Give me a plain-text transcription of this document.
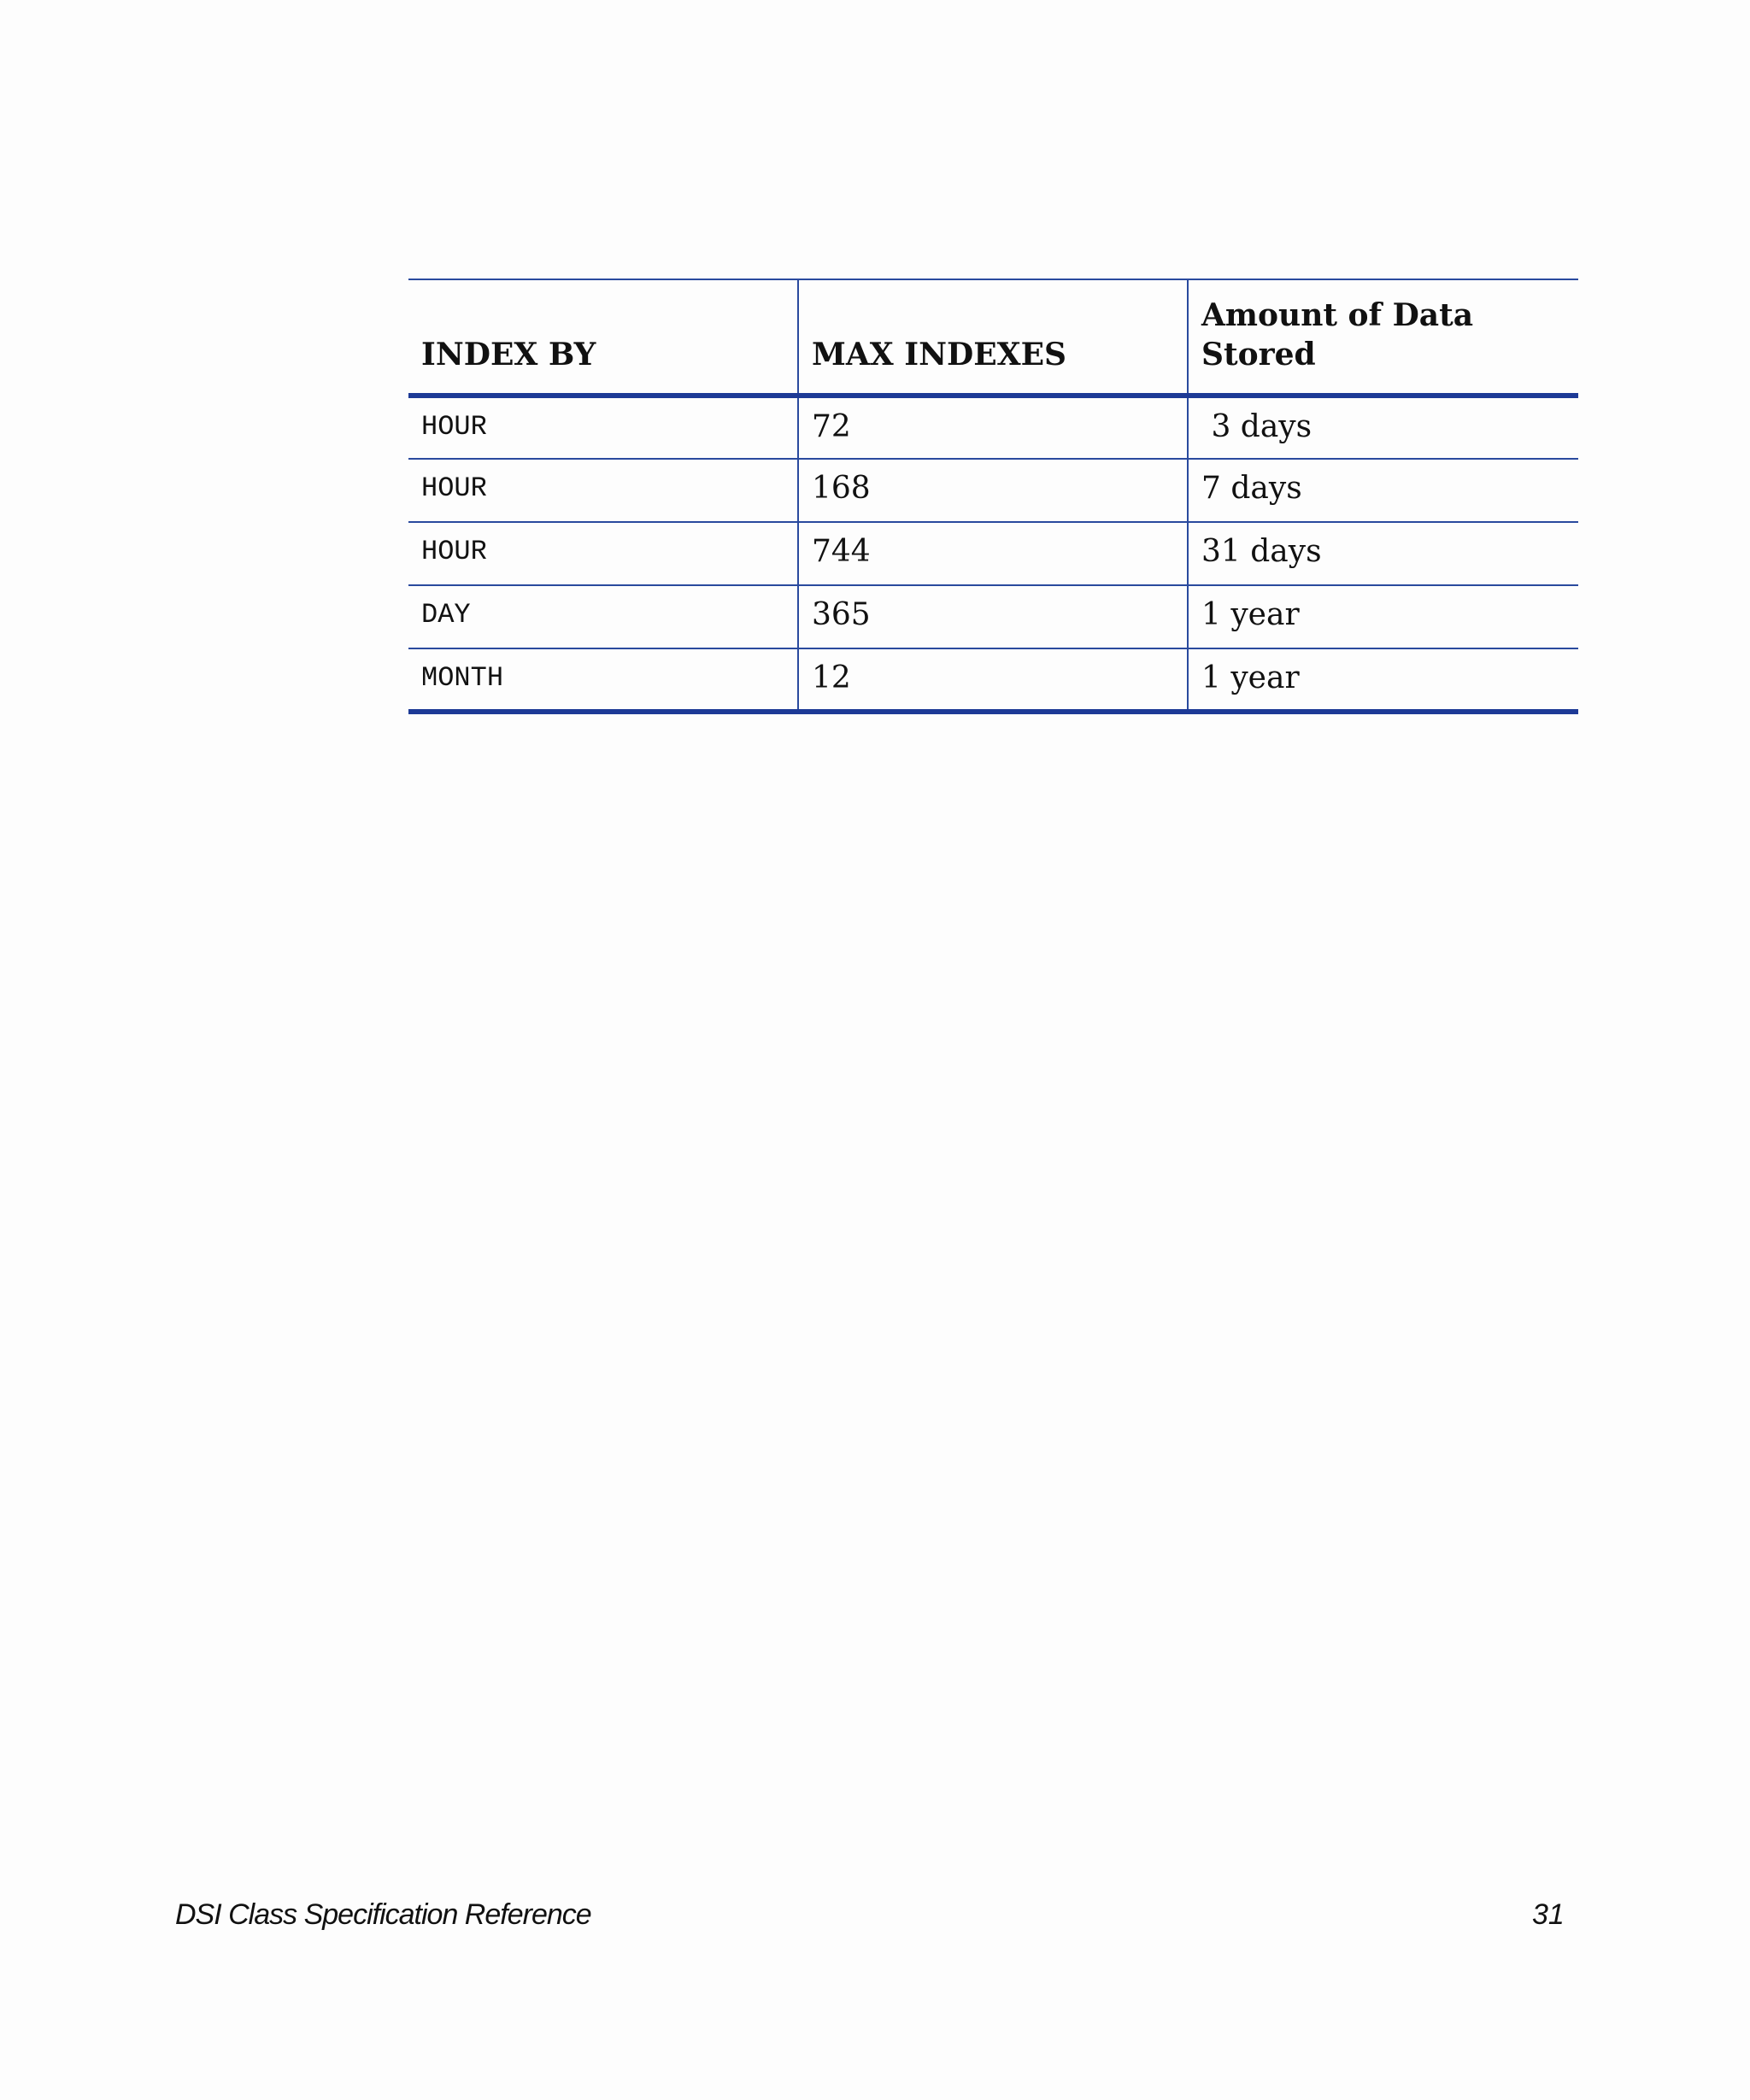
INDEX BY	MAX INDEXES	Amount of Data Stored
HOUR	72	3 days
HOUR	168	7 days
HOUR	744	31 days
DAY	365	1 year
MONTH	12	1 year
DSI Class Specification Reference	31
